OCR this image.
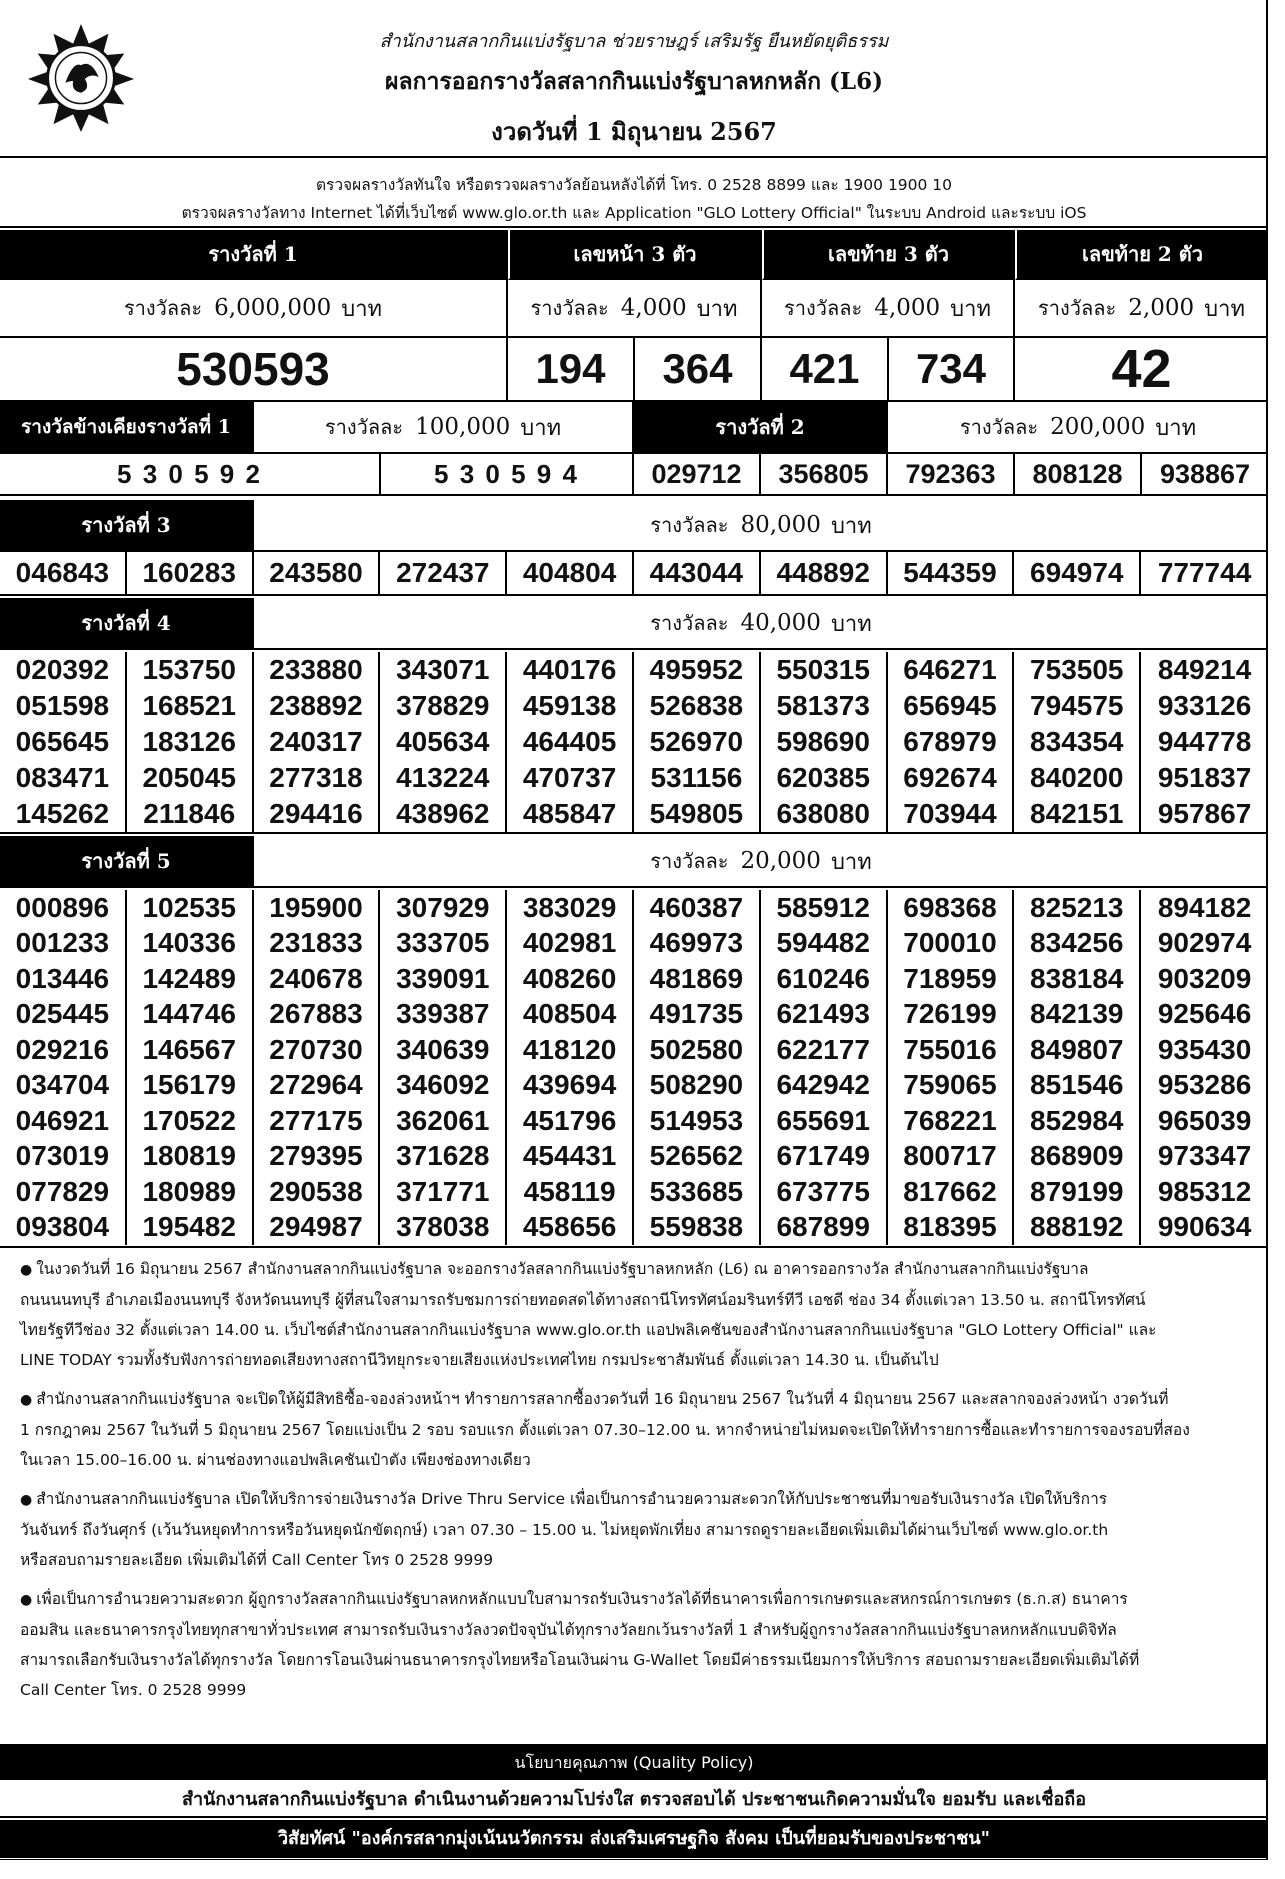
สำนักงานสลากกินแบ่งรัฐบาล ช่วยราษฎร์ เสริมรัฐ ยืนหยัดยุติธรรม
ผลการออกรางวัลสลากกินแบ่งรัฐบาลหกหลัก (L6)
งวดวันที่ 1 มิถุนายน 2567
ตรวจผลรางวัลทันใจ หรือตรวจผลรางวัลย้อนหลังได้ที่ โทร. 0 2528 8899 และ 1900 1900 10
ตรวจผลรางวัลทาง Internet ได้ที่เว็บไซต์ www.glo.or.th และ Application "GLO Lottery Official" ในระบบ Android และระบบ iOS
รางวัลที่ 1	เลขหน้า 3 ตัว	เลขท้าย 3 ตัว	เลขท้าย 2 ตัว
รางวัลละ 6,000,000 บาท	รางวัลละ 4,000 บาท รางวัลละ 4,000 บาท รางวัลละ 2,000 บาท
530593	194	364	421	734	42
รางวัลข้างเคียงรางวัลที่ 1	รางวัลละ 100,000 บาท	รางวัลที่ 2	รางวัลละ 200,000 บาท
5 3 0 5 9 2	5 3 0 5 9 4	029712	356805	792363	808128	938867
รางวัลที่ 3	รางวัลละ 80,000 บาท
046843	160283	243580	272437	404804	443044	448892	544359	694974	777744
รางวัลที่ 4	รางวัลละ 40,000 บาท
020392	153750	233880	343071	440176	495952	550315	646271	753505	849214
051598	168521	238892	378829	459138	526838	581373	656945	794575	933126
065645	183126	240317	405634	464405	526970	598690	678979	834354	944778
083471	205045	277318	413224	470737	531156	620385	692674	840200	951837
145262	211846	294416	438962	485847	549805	638080	703944	842151	957867
รางวัลที่ 5	รางวัลละ 20,000 บาท
000896	102535	195900	307929	383029	460387	585912	698368	825213	894182
001233	140336	231833	333705	402981	469973	594482	700010	834256	902974
013446	142489	240678	339091	408260	481869	610246	718959	838184	903209
025445	144746	267883	339387	408504	491735	621493	726199	842139	925646
029216	146567	270730	340639	418120	502580	622177	755016	849807	935430
034704	156179	272964	346092	439694	508290	642942	759065	851546	953286
046921	170522	277175	362061	451796	514953	655691	768221	852984	965039
073019	180819	279395	371628	454431	526562	671749	800717	868909	973347
077829	180989	290538	371771	458119	533685	673775	817662	879199	985312
093804	195482	294987	378038	458656	559838	687899	818395	888192	990634
● ในงวดวันที่ 16 มิถุนายน 2567 สำนักงานสลากกินแบ่งรัฐบาล จะออกรางวัลสลากกินแบ่งรัฐบาลหกหลัก (L6) ณ อาคารออกรางวัล สำนักงานสลากกินแบ่งรัฐบาล
ถนนนนทบุรี อำเภอเมืองนนทบุรี จังหวัดนนทบุรี ผู้ที่สนใจสามารถรับชมการถ่ายทอดสดได้ทางสถานีโทรทัศน์อมรินทร์ทีวี เอชดี ช่อง 34 ตั้งแต่เวลา 13.50 น. สถานีโทรทัศน์
ไทยรัฐทีวีช่อง 32 ตั้งแต่เวลา 14.00 น. เว็บไซต์สำนักงานสลากกินแบ่งรัฐบาล www.glo.or.th แอปพลิเคชันของสำนักงานสลากกินแบ่งรัฐบาล "GLO Lottery Official" และ
LINE TODAY รวมทั้งรับฟังการถ่ายทอดเสียงทางสถานีวิทยุกระจายเสียงแห่งประเทศไทย กรมประชาสัมพันธ์ ตั้งแต่เวลา 14.30 น. เป็นต้นไป
● สำนักงานสลากกินแบ่งรัฐบาล จะเปิดให้ผู้มีสิทธิซื้อ-จองล่วงหน้าฯ ทำรายการสลากซื้องวดวันที่ 16 มิถุนายน 2567 ในวันที่ 4 มิถุนายน 2567 และสลากจองล่วงหน้า งวดวันที่
1 กรกฎาคม 2567 ในวันที่ 5 มิถุนายน 2567 โดยแบ่งเป็น 2 รอบ รอบแรก ตั้งแต่เวลา 07.30–12.00 น. หากจำหน่ายไม่หมดจะเปิดให้ทำรายการซื้อและทำรายการจองรอบที่สอง
ในเวลา 15.00–16.00 น. ผ่านช่องทางแอปพลิเคชันเป๋าตัง เพียงช่องทางเดียว
● สำนักงานสลากกินแบ่งรัฐบาล เปิดให้บริการจ่ายเงินรางวัล Drive Thru Service เพื่อเป็นการอำนวยความสะดวกให้กับประชาชนที่มาขอรับเงินรางวัล เปิดให้บริการ
วันจันทร์ ถึงวันศุกร์ (เว้นวันหยุดทำการหรือวันหยุดนักขัตฤกษ์) เวลา 07.30 – 15.00 น. ไม่หยุดพักเที่ยง สามารถดูรายละเอียดเพิ่มเติมได้ผ่านเว็บไซต์ www.glo.or.th
หรือสอบถามรายละเอียด เพิ่มเติมได้ที่ Call Center โทร 0 2528 9999
● เพื่อเป็นการอำนวยความสะดวก ผู้ถูกรางวัลสลากกินแบ่งรัฐบาลหกหลักแบบใบสามารถรับเงินรางวัลได้ที่ธนาคารเพื่อการเกษตรและสหกรณ์การเกษตร (ธ.ก.ส) ธนาคาร
ออมสิน และธนาคารกรุงไทยทุกสาขาทั่วประเทศ สามารถรับเงินรางวัลงวดปัจจุบันได้ทุกรางวัลยกเว้นรางวัลที่ 1 สำหรับผู้ถูกรางวัลสลากกินแบ่งรัฐบาลหกหลักแบบดิจิทัล
สามารถเลือกรับเงินรางวัลได้ทุกรางวัล โดยการโอนเงินผ่านธนาคารกรุงไทยหรือโอนเงินผ่าน G-Wallet โดยมีค่าธรรมเนียมการให้บริการ สอบถามรายละเอียดเพิ่มเติมได้ที่
Call Center โทร. 0 2528 9999
นโยบายคุณภาพ (Quality Policy)
สำนักงานสลากกินแบ่งรัฐบาล ดำเนินงานด้วยความโปร่งใส ตรวจสอบได้ ประชาชนเกิดความมั่นใจ ยอมรับ และเชื่อถือ
วิสัยทัศน์ "องค์กรสลากมุ่งเน้นนวัตกรรม ส่งเสริมเศรษฐกิจ สังคม เป็นที่ยอมรับของประชาชน"
